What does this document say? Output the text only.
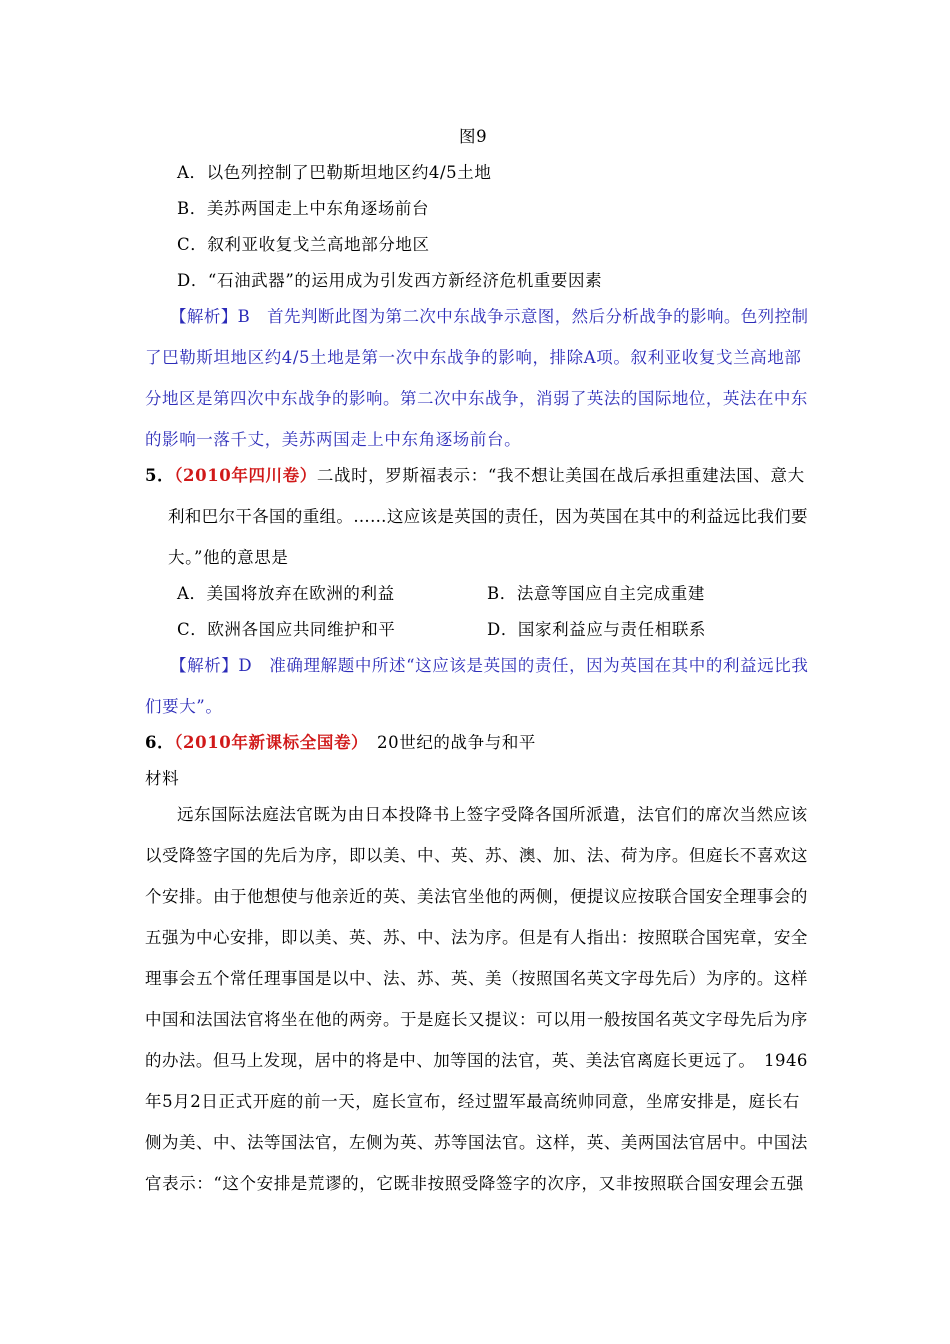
图9
A．以色列控制了巴勒斯坦地区约4/5土地
B．美苏两国走上中东角逐场前台
C．叙利亚收复戈兰高地部分地区
D．“石油武器”的运用成为引发西方新经济危机重要因素
【解析】B　首先判断此图为第二次中东战争示意图，然后分析战争的影响。色列控制
了巴勒斯坦地区约4/5土地是第一次中东战争的影响，排除A项。叙利亚收复戈兰高地部
分地区是第四次中东战争的影响。第二次中东战争，消弱了英法的国际地位，英法在中东
的影响一落千丈，美苏两国走上中东角逐场前台。
5．（2010年四川卷）二战时，罗斯福表示：“我不想让美国在战后承担重建法国、意大
利和巴尔干各国的重组。……这应该是英国的责任，因为英国在其中的利益远比我们要
大。”他的意思是
A．美国将放弃在欧洲的利益	B．法意等国应自主完成重建
C．欧洲各国应共同维护和平	D．国家利益应与责任相联系
【解析】D　准确理解题中所述“这应该是英国的责任，因为英国在其中的利益远比我
们要大”。
6．（2010年新课标全国卷）  20世纪的战争与和平
材料
远东国际法庭法官既为由日本投降书上签字受降各国所派遣，法官们的席次当然应该
以受降签字国的先后为序，即以美、中、英、苏、澳、加、法、荷为序。但庭长不喜欢这
个安排。由于他想使与他亲近的英、美法官坐他的两侧，便提议应按联合国安全理事会的
五强为中心安排，即以美、英、苏、中、法为序。但是有人指出：按照联合国宪章，安全
理事会五个常任理事国是以中、法、苏、英、美（按照国名英文字母先后）为序的。这样
中国和法国法官将坐在他的两旁。于是庭长又提议：可以用一般按国名英文字母先后为序
的办法。但马上发现，居中的将是中、加等国的法官，英、美法官离庭长更远了。　1946
年5月2日正式开庭的前一天，庭长宣布，经过盟军最高统帅同意，坐席安排是，庭长右
侧为美、中、法等国法官，左侧为英、苏等国法官。这样，英、美两国法官居中。中国法
官表示：“这个安排是荒谬的，它既非按照受降签字的次序，又非按照联合国安理会五强
